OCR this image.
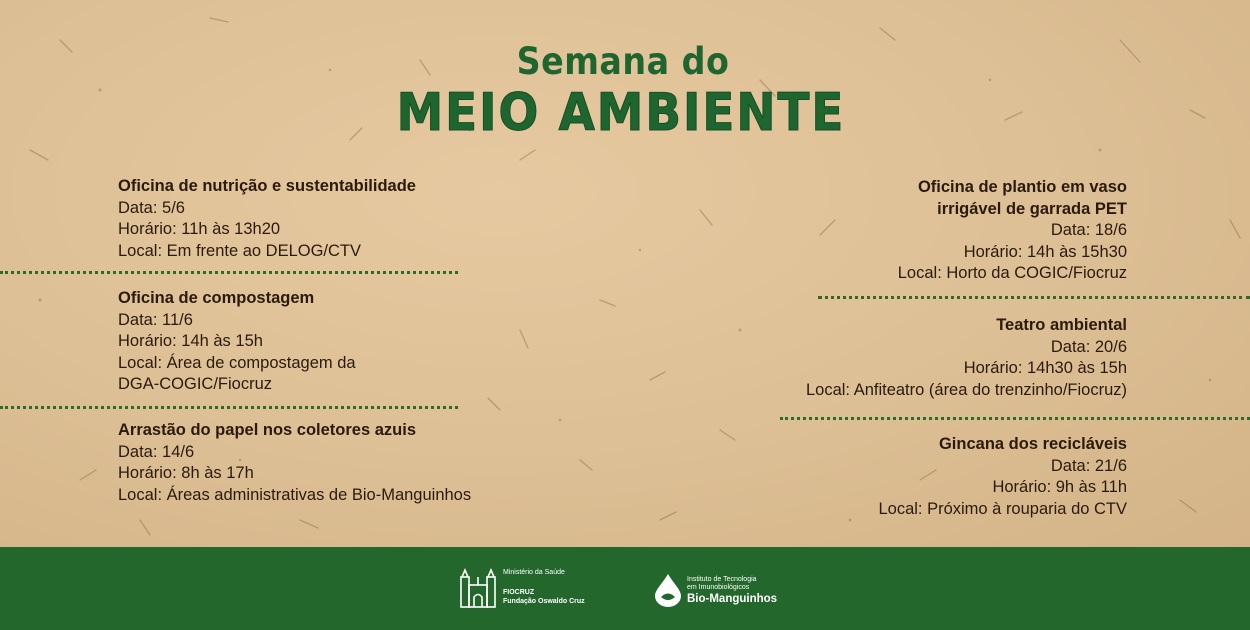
Semana do
MEIO AMBIENTE
Oficina de nutrição e sustentabilidade
Data: 5/6
Horário: 11h às 13h20
Local: Em frente ao DELOG/CTV
Oficina de compostagem
Data: 11/6
Horário: 14h às 15h
Local: Área de compostagem da
DGA-COGIC/Fiocruz
Arrastão do papel nos coletores azuis
Data: 14/6
Horário: 8h às 17h
Local: Áreas administrativas de Bio-Manguinhos
Oficina de plantio em vaso
irrigável de garrada PET
Data: 18/6
Horário: 14h às 15h30
Local: Horto da COGIC/Fiocruz
Teatro ambiental
Data: 20/6
Horário: 14h30 às 15h
Local: Anfiteatro (área do trenzinho/Fiocruz)
Gincana dos recicláveis
Data: 21/6
Horário: 9h às 11h
Local: Próximo à rouparia do CTV
Ministério da Saúde
FIOCRUZ
Fundação Oswaldo Cruz
Instituto de Tecnologia
em Imunobiológicos
Bio-Manguinhos
